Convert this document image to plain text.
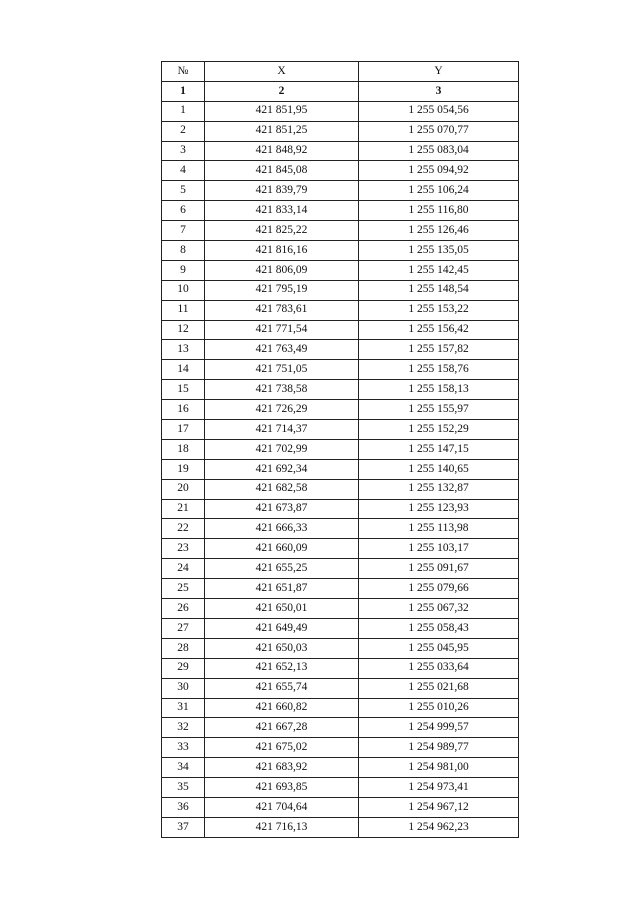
№	X	Y
1	2	3
1	421 851,95	1 255 054,56
2	421 851,25	1 255 070,77
3	421 848,92	1 255 083,04
4	421 845,08	1 255 094,92
5	421 839,79	1 255 106,24
6	421 833,14	1 255 116,80
7	421 825,22	1 255 126,46
8	421 816,16	1 255 135,05
9	421 806,09	1 255 142,45
10	421 795,19	1 255 148,54
11	421 783,61	1 255 153,22
12	421 771,54	1 255 156,42
13	421 763,49	1 255 157,82
14	421 751,05	1 255 158,76
15	421 738,58	1 255 158,13
16	421 726,29	1 255 155,97
17	421 714,37	1 255 152,29
18	421 702,99	1 255 147,15
19	421 692,34	1 255 140,65
20	421 682,58	1 255 132,87
21	421 673,87	1 255 123,93
22	421 666,33	1 255 113,98
23	421 660,09	1 255 103,17
24	421 655,25	1 255 091,67
25	421 651,87	1 255 079,66
26	421 650,01	1 255 067,32
27	421 649,49	1 255 058,43
28	421 650,03	1 255 045,95
29	421 652,13	1 255 033,64
30	421 655,74	1 255 021,68
31	421 660,82	1 255 010,26
32	421 667,28	1 254 999,57
33	421 675,02	1 254 989,77
34	421 683,92	1 254 981,00
35	421 693,85	1 254 973,41
36	421 704,64	1 254 967,12
37	421 716,13	1 254 962,23
